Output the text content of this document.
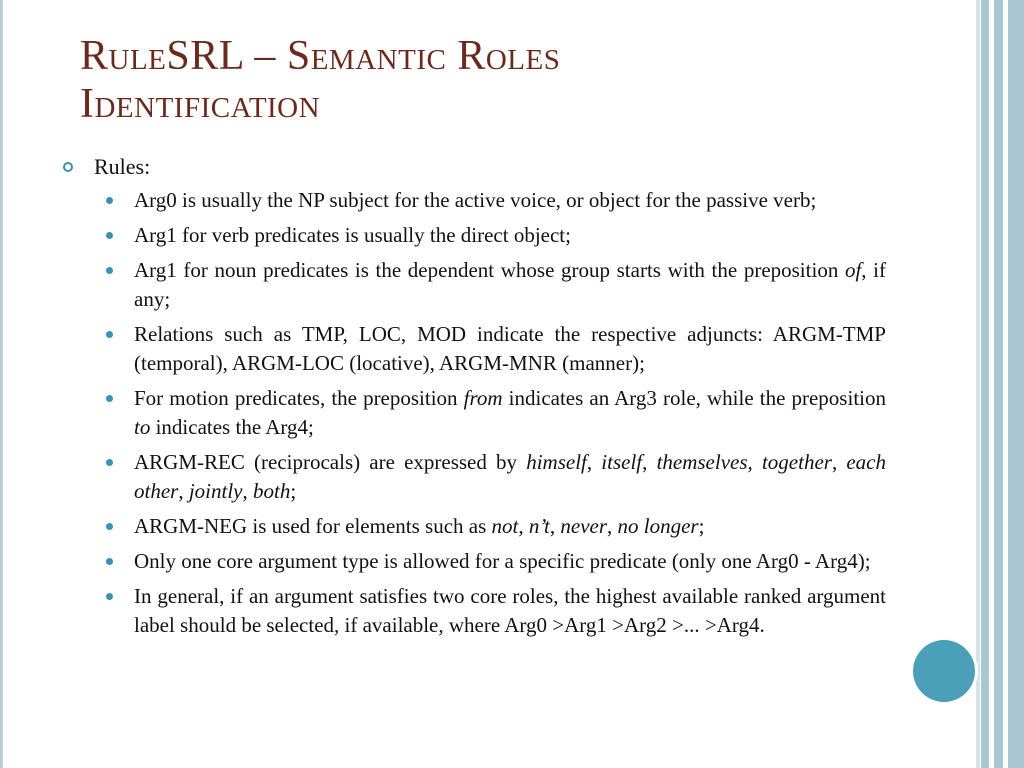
RuleSRL – Semantic Roles
Identification
Rules:
Arg0 is usually the NP subject for the active voice, or object for the passive verb;
Arg1 for verb predicates is usually the direct object;
Arg1 for noun predicates is the dependent whose group starts with the preposition of, if any;
Relations such as TMP, LOC, MOD indicate the respective adjuncts: ARGM-TMP (temporal), ARGM-LOC (locative), ARGM-MNR (manner);
For motion predicates, the preposition from indicates an Arg3 role, while the preposition to indicates the Arg4;
ARGM-REC (reciprocals) are expressed by himself, itself, themselves, together, each other, jointly, both;
ARGM-NEG is used for elements such as not, n’t, never, no longer;
Only one core argument type is allowed for a specific predicate (only one Arg0 - Arg4);
In general, if an argument satisfies two core roles, the highest available ranked argument label should be selected, if available, where Arg0 >Arg1 >Arg2 >... >Arg4.
